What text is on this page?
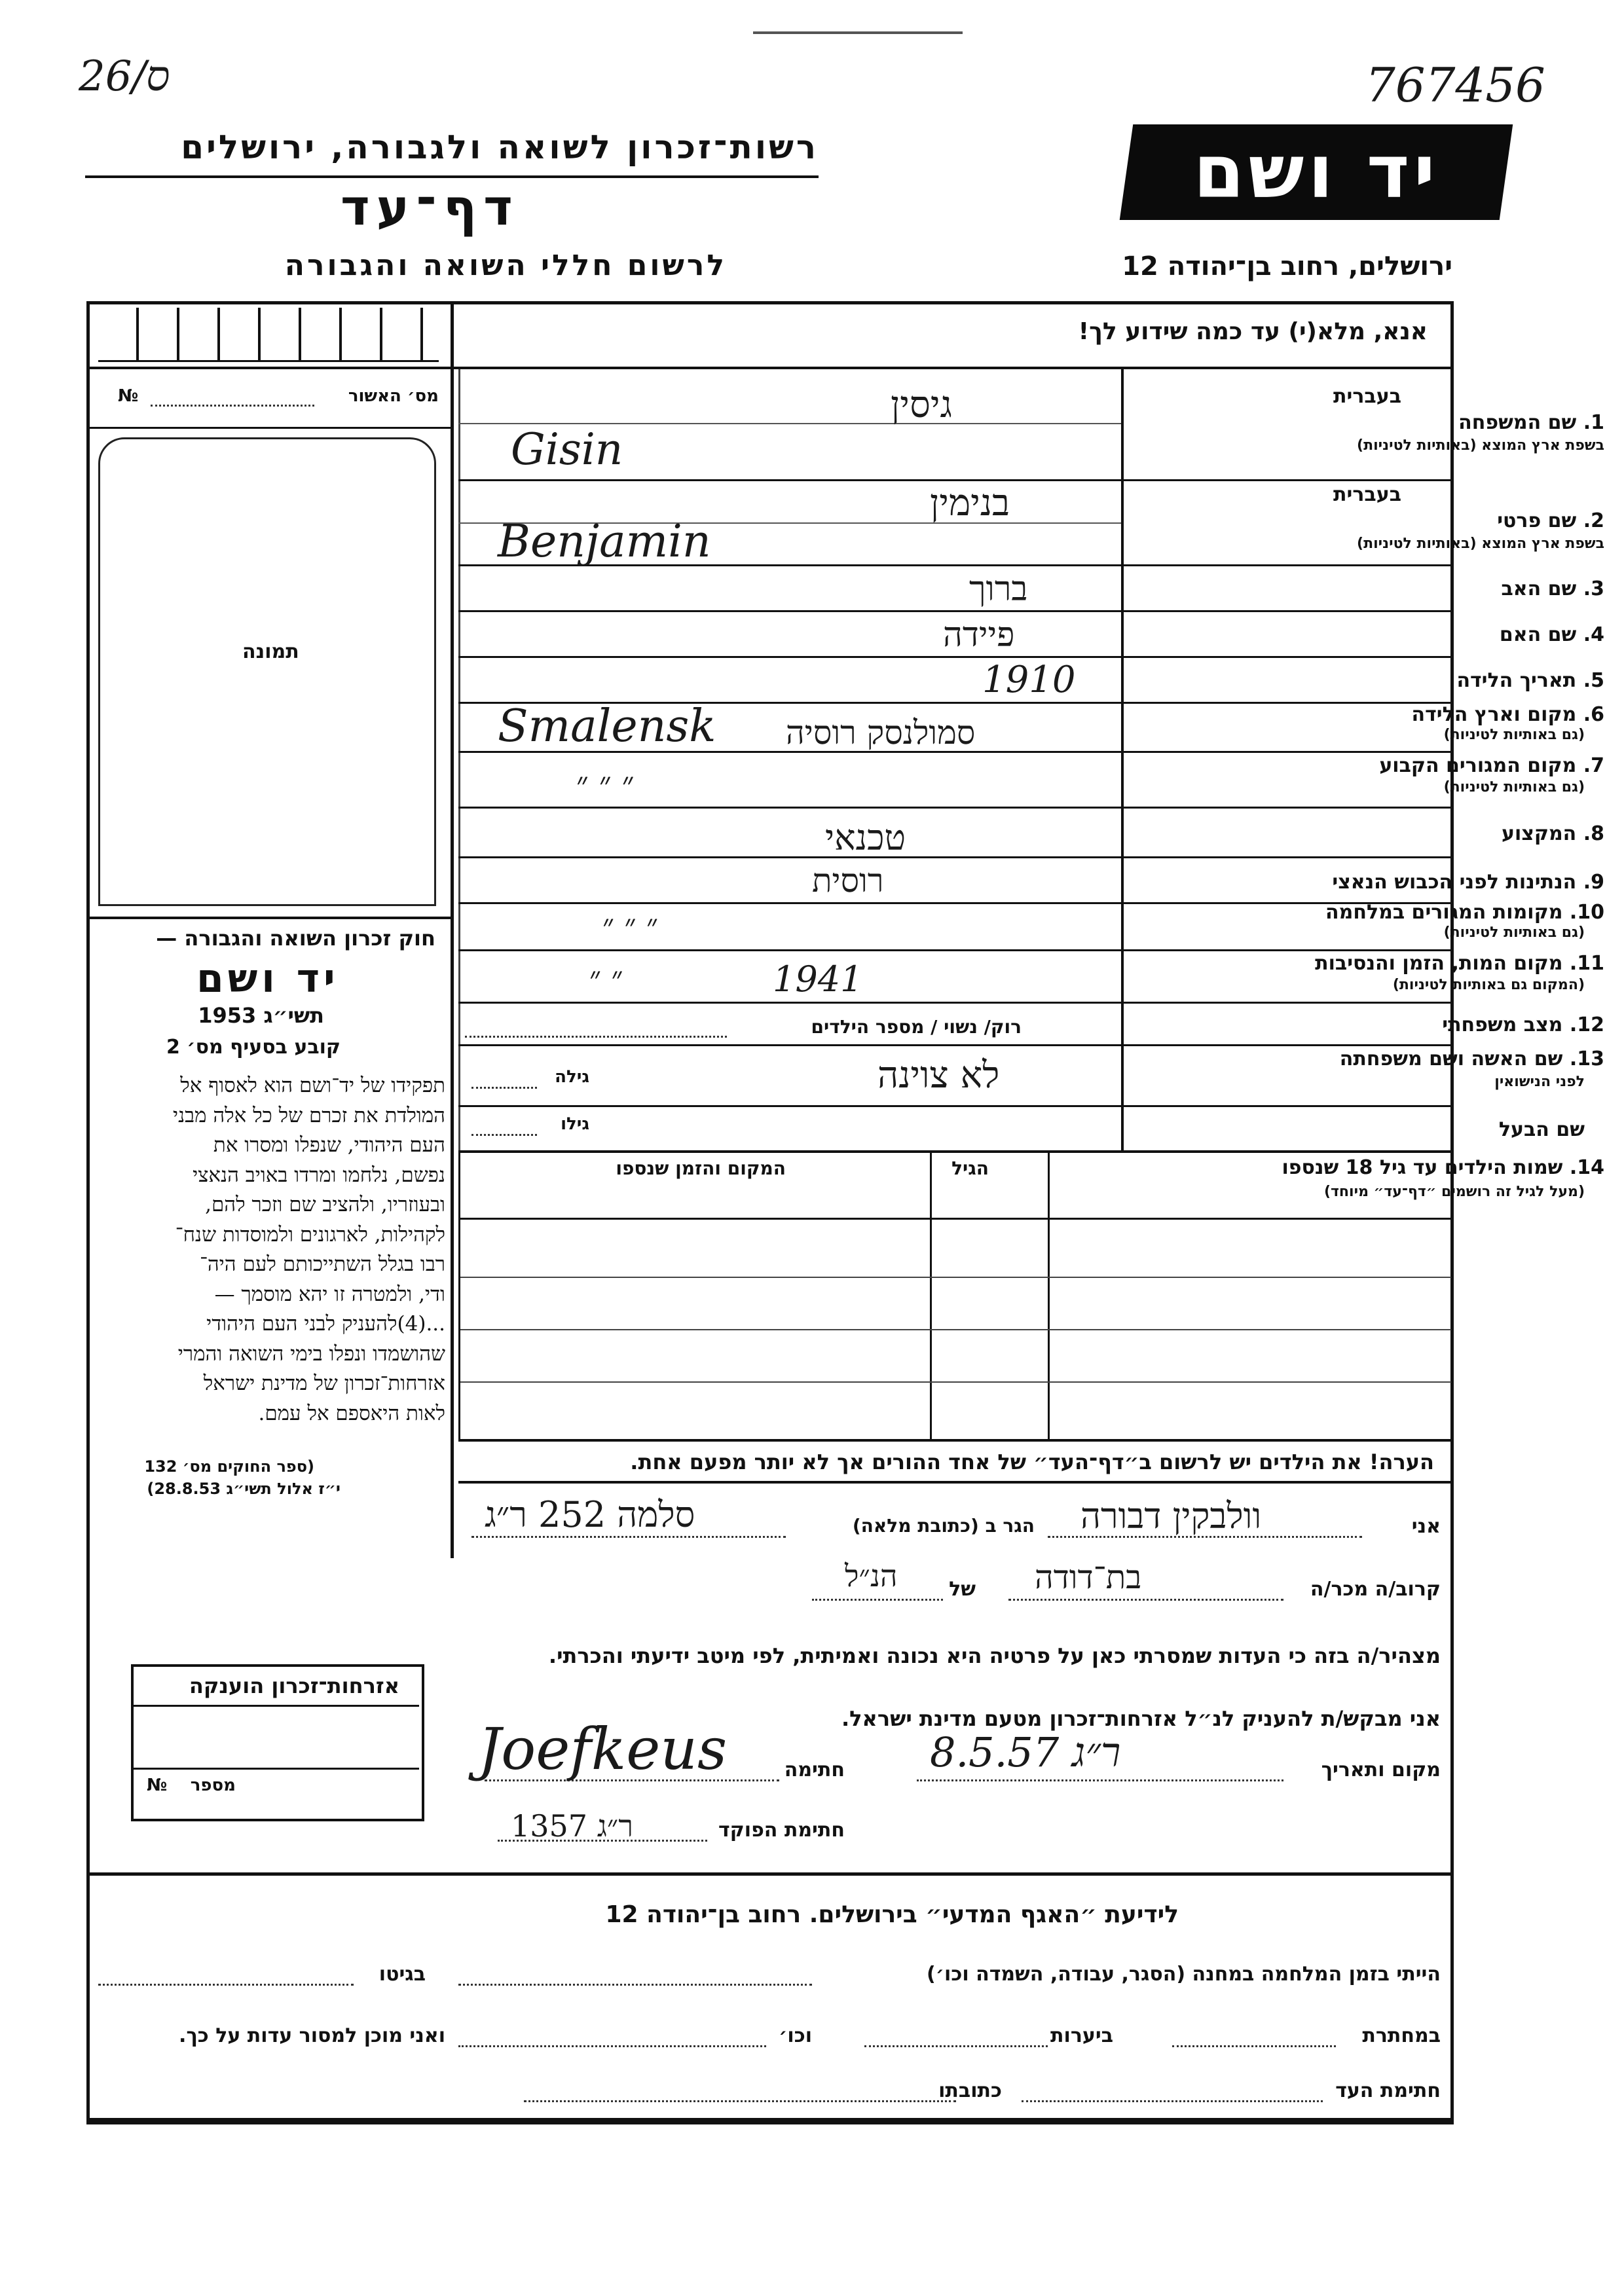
26/ס	767456
רשות־זכרון לשואה ולגבורה, ירושלים
דף־עד
לרשום חללי השואה והגבורה
יד ושם
ירושלים, רחוב בן־יהודה 12
אנא, מלא(י) עד כמה שידוע לך!
מס׳ האשור
№
תמונה
חוק זכרון השואה והגבורה —
יד ושם
תשי״ג 1953
קובע בסעיף מס׳ 2
תפקידו של יד־ושם הוא לאסוף אל
המולדת את זכרם של כל אלה מבני
העם היהודי, שנפלו ומסרו את
נפשם, נלחמו ומרדו באויב הנאצי
ובעוזריו, ולהציב שם וזכר להם,
לקהילות, לארגונים ולמוסדות שנח־
רבו בגלל השתייכותם לעם היה־
ודי, ולמטרה זו יהא מוסמך —
...(4)להעניק לבני העם היהודי
שהושמדו ונפלו בימי השואה והמרי
אזרחות־זכרון של מדינת ישראל
לאות היאספם אל עמם.
(ספר החוקים מס׳ 132
י״ז אלול תשי״ג 28.8.53)
בעברית
1. שם המשפחה
בשפת ארץ המוצא (באותיות לטיניות)
בעברית
2. שם פרטי
בשפת ארץ המוצא (באותיות לטיניות)
3. שם האב
4. שם האם
5. תאריך הלידה
6. מקום וארץ הלידה
(גם באותיות לטיניות)
7. מקום המגורים הקבוע
(גם באותיות לטיניות)
8. המקצוע
9. הנתינות לפני הכבוש הנאצי
10. מקומות המגורים במלחמה
(גם באותיות לטיניות)
11. מקום המות, הזמן והנסיבות
(המקום גם באותיות לטיניות)
12. מצב משפחתי
13. שם האשה ושם משפחתה
לפני הנישואין
שם הבעל
רוק/ נשוי / מספר הילדים
גילה
גילו
גיסין
Gisin
בנימין
Benjamin
ברוך
פיידה
1910
סמולנסק רוסיה
Smalensk
״ ״ ״
טכנאי
רוסית
״ ״ ״
1941
״ ״
לא צוינה
14. שמות הילדים עד גיל 18 שנספו
(מעל לגיל זה רושמים ״דף־עד״ מיוחד)
הגיל
המקום והזמן שנספו
הערה! את הילדים יש לרשום ב״דף־העד״ של אחד ההורים אך לא יותר מפעם אחת.
אני
וולבקין דבורה
הגר ב (כתובת מלאה)
סלמה 252 ר״ג
קרוב/ה מכר/ה
בת־דודה
של
הנ״ל
מצהיר/ה בזה כי העדות שמסרתי כאן על פרטיה היא נכונה ואמיתית, לפי מיטב ידיעתי והכרתי.
אזרחות־זכרון הוענקה
מספר
№
אני מבקש/ת להעניק לנ״ל אזרחות־זכרון מטעם מדינת ישראל.
מקום ותאריך
ר״ג 8.5.57
חתימה
Joefkeus
חתימת הפוקד
ר״ג 1357
לידיעת ״האגף המדעי״ בירושלים. רחוב בן־יהודה 12
הייתי בזמן המלחמה במחנה (הסגר, עבודה, השמדה וכו׳)
בגיטו
במחתרת
ביערות
וכו׳
ואני מוכן למסור עדות על כך.
חתימת העד
כתובתו
